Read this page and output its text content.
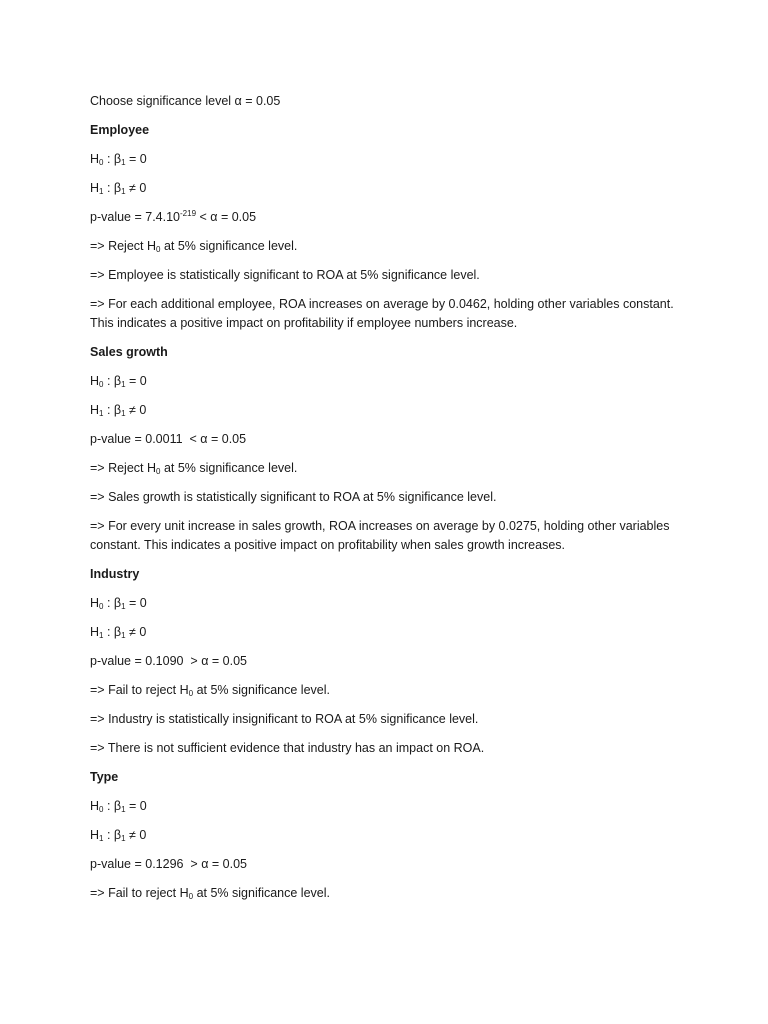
Choose significance level α = 0.05

Employee

$H_0$ : $\beta_1 = 0$

$H_1$ : $\beta_1 \ne 0$

p-value = $7.4.10^{-219} < \alpha = 0.05$

=> Reject $H_0$ at 5% significance level.

=> Employee is statistically significant to ROA at 5% significance level.

=> For each additional employee, ROA increases on average by 0.0462, holding other variables constant. This indicates a positive impact on profitability if employee numbers increase.

Sales growth

$H_0$ : $\beta_1 = 0$

$H_1$ : $\beta_1 \ne 0$

p-value = 0.0011  < α = 0.05

=> Reject $H_0$ at 5% significance level.

=> Sales growth is statistically significant to ROA at 5% significance level.

=> For every unit increase in sales growth, ROA increases on average by 0.0275, holding other variables constant. This indicates a positive impact on profitability when sales growth increases.

Industry

$H_0$ : $\beta_1 = 0$

$H_1$ : $\beta_1 \ne 0$

p-value = 0.1090  > α = 0.05

=> Fail to reject $H_0$ at 5% significance level.

=> Industry is statistically insignificant to ROA at 5% significance level.

=> There is not sufficient evidence that industry has an impact on ROA.

Type

$H_0$ : $\beta_1 = 0$

$H_1$ : $\beta_1 \ne 0$

p-value = 0.1296  > α = 0.05

=> Fail to reject $H_0$ at 5% significance level.
